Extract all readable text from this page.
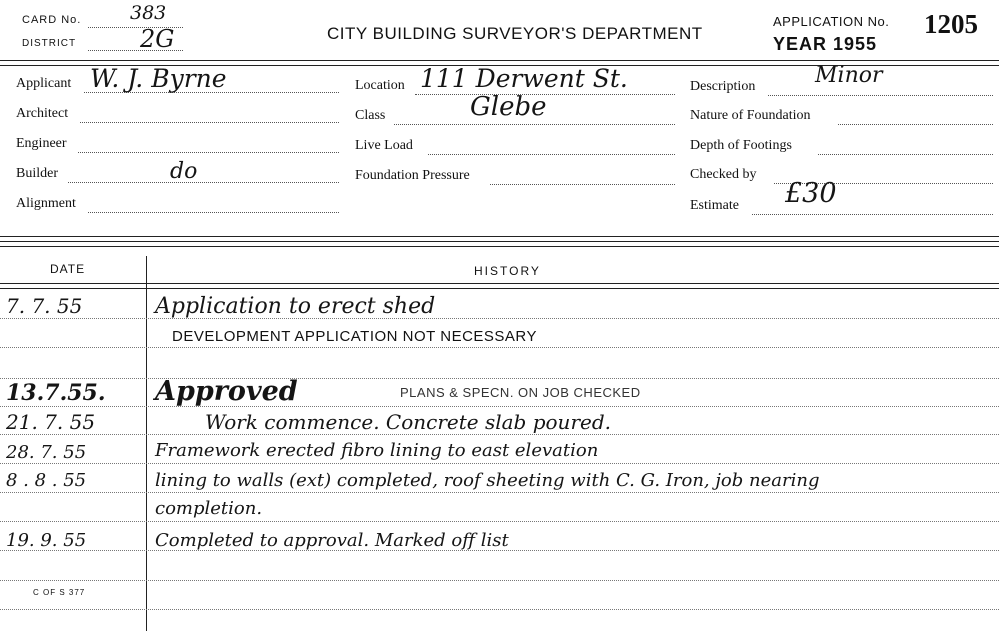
CARD No.	383
DISTRICT	2G	CITY BUILDING SURVEYOR'S DEPARTMENT
APPLICATION No. 1205
YEAR 1955
Applicant W. J. Byrne
Architect
Engineer
Builder	do
Alignment
Location 111 Derwent St.
Class	Glebe
Live Load
Foundation Pressure
Description	Minor
Nature of Foundation
Depth of Footings
Checked by
Estimate £30
DATE	HISTORY
7. 7. 55	Application to erect shed
DEVELOPMENT APPLICATION NOT NECESSARY
13.7.55. Approved	PLANS & SPECN. ON JOB CHECKED
21. 7. 55	Work commence. Concrete slab poured.
28. 7. 55	Framework erected fibro lining to east elevation
8 . 8 . 55	lining to walls (ext) completed, roof sheeting with C. G. Iron, job nearing
completion.
19. 9. 55	Completed to approval. Marked off list
C OF S 377
